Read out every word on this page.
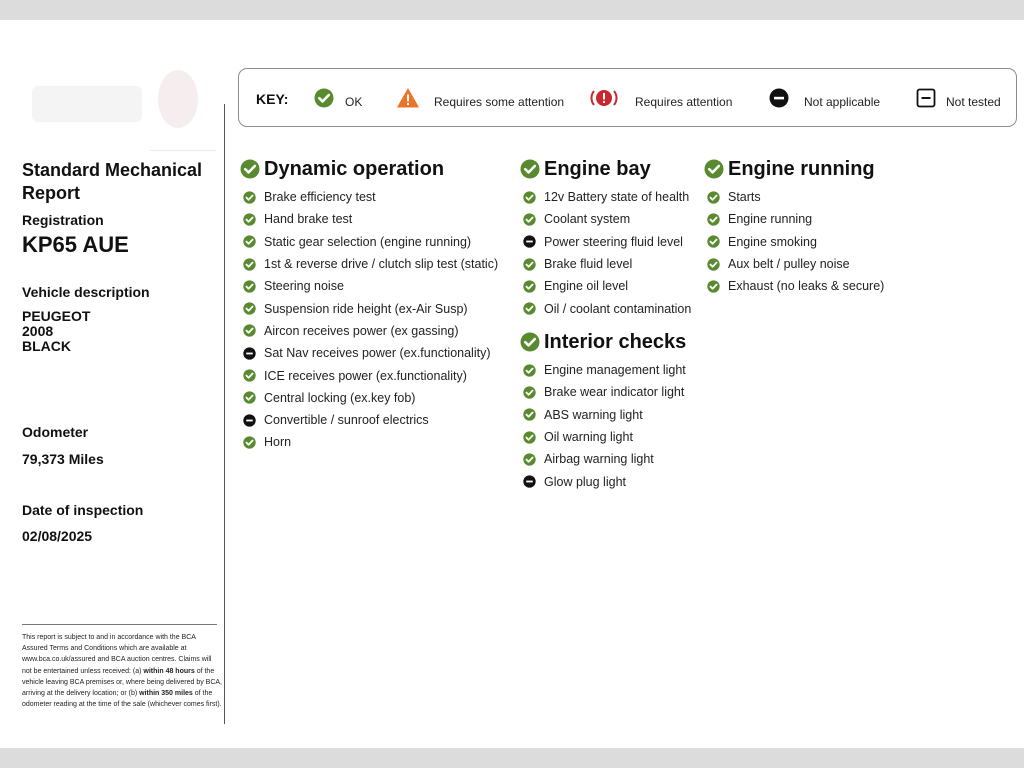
Standard Mechanical Report
Registration
KP65 AUE
Vehicle description
PEUGEOT
2008
BLACK
Odometer
79,373 Miles
Date of inspection
02/08/2025
This report is subject to and in accordance with the BCA Assured Terms and Conditions which are available at www.bca.co.uk/assured and BCA auction centres. Claims will not be entertained unless received: (a) within 48 hours of the vehicle leaving BCA premises or, where being delivered by BCA, arriving at the delivery location; or (b) within 350 miles of the odometer reading at the time of the sale (whichever comes first).
KEY:	OK	Requires some attention	Requires attention	Not applicable	Not tested
Dynamic operation
Brake efficiency test
Hand brake test
Static gear selection (engine running)
1st & reverse drive / clutch slip test (static)
Steering noise
Suspension ride height (ex-Air Susp)
Aircon receives power (ex gassing)
Sat Nav receives power (ex.functionality)
ICE receives power (ex.functionality)
Central locking (ex.key fob)
Convertible / sunroof electrics
Horn
Engine bay
12v Battery state of health
Coolant system
Power steering fluid level
Brake fluid level
Engine oil level
Oil / coolant contamination
Interior checks
Engine management light
Brake wear indicator light
ABS warning light
Oil warning light
Airbag warning light
Glow plug light
Engine running
Starts
Engine running
Engine smoking
Aux belt / pulley noise
Exhaust (no leaks & secure)
